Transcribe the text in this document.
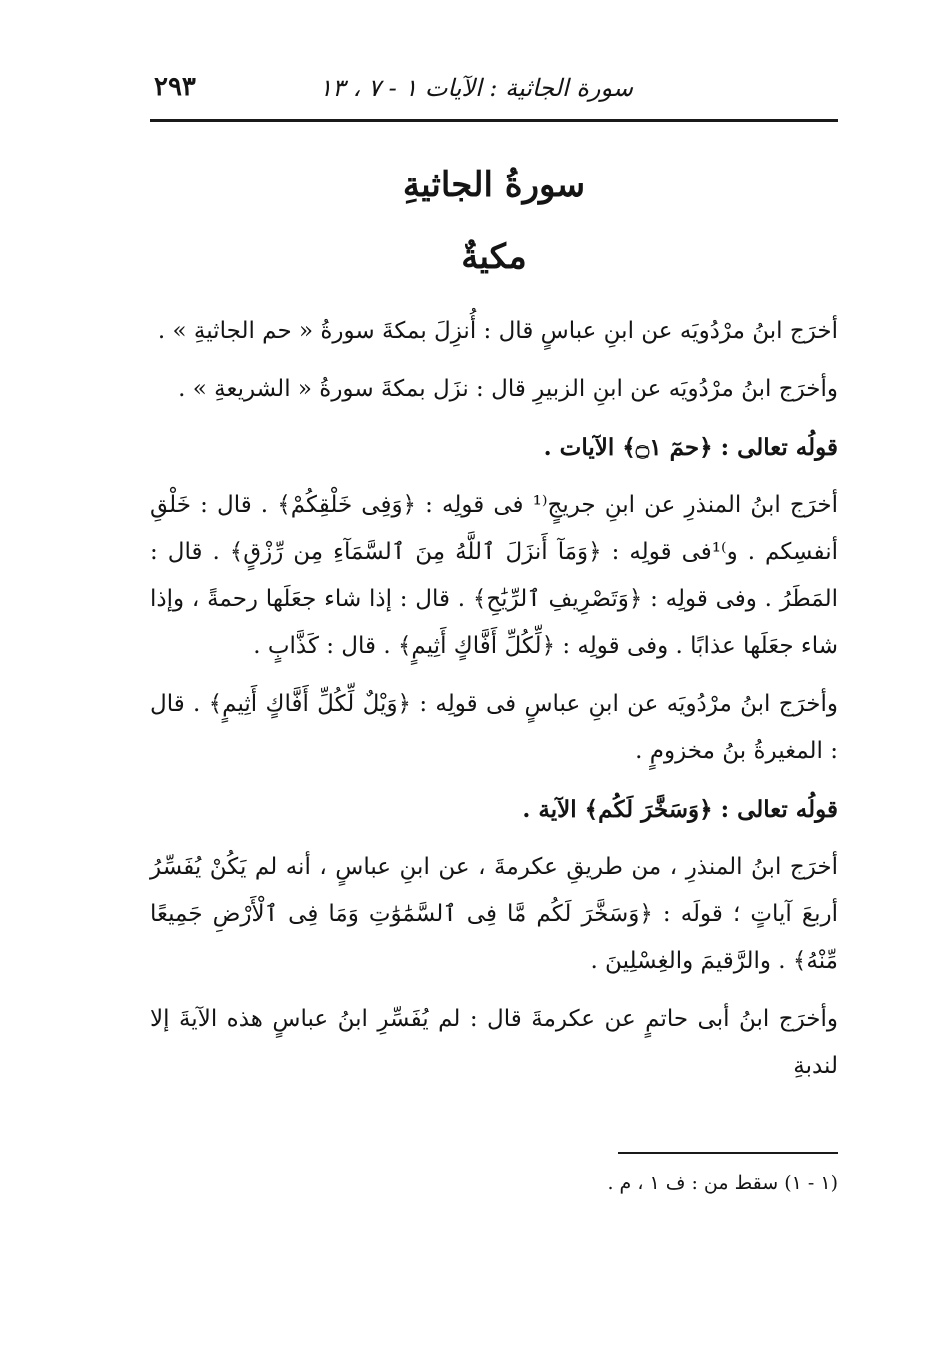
سورة الجاثية : الآيات ١ - ٧ ، ١٣
٢٩٣
سورةُ الجاثيةِ
مكيةٌ

أخرَج ابنُ مرْدُويَه عن ابنِ عباسٍ قال : أُنزِلَ بمكةَ سورةُ « حم الجاثيةِ » .

وأخرَج ابنُ مرْدُويَه عن ابنِ الزبيرِ قال : نزَل بمكةَ سورةُ « الشريعةِ » .

قولُه تعالى : ﴿حمٓ ۝١﴾ الآيات .

أخرَج ابنُ المنذرِ عن ابنِ جريجٍ⁽¹ فى قولِه : ﴿وَفِى خَلْقِكُمْ﴾ . قال : خَلْقِ أنفسِكم . و⁾¹فى قولِه : ﴿وَمَآ أَنزَلَ ٱللَّهُ مِنَ ٱلسَّمَآءِ مِن رِّزْقٍ﴾ . قال : المَطَرُ . وفى قولِه : ﴿وَتَصْرِيفِ ٱلرِّيَٰحِ﴾ . قال : إذا شاء جعَلَها رحمةً ، وإذا شاء جعَلَها عذابًا . وفى قولِه : ﴿لِّكُلِّ أَفَّاكٍ أَثِيمٍ﴾ . قال : كَذَّابٍ .

وأخرَج ابنُ مرْدُويَه عن ابنِ عباسٍ فى قولِه : ﴿وَيْلٌ لِّكُلِّ أَفَّاكٍ أَثِيمٍ﴾ . قال : المغيرةُ بنُ مخزومٍ .

قولُه تعالى : ﴿وَسَخَّرَ لَكُم﴾ الآية .

أخرَج ابنُ المنذرِ ، من طريقِ عكرمةَ ، عن ابنِ عباسٍ ، أنه لم يَكُنْ يُفَسِّرُ أربعَ آياتٍ ؛ قولَه : ﴿وَسَخَّرَ لَكُم مَّا فِى ٱلسَّمَٰوَٰتِ وَمَا فِى ٱلْأَرْضِ جَمِيعًا مِّنْهُ﴾ . والرَّقيمَ والغِسْلِينَ .

وأخرَج ابنُ أبى حاتمٍ عن عكرمةَ قال : لم يُفَسِّرِ ابنُ عباسٍ هذه الآيةَ إلا لندبةِ

(١ - ١) سقط من : ف ١ ، م .
